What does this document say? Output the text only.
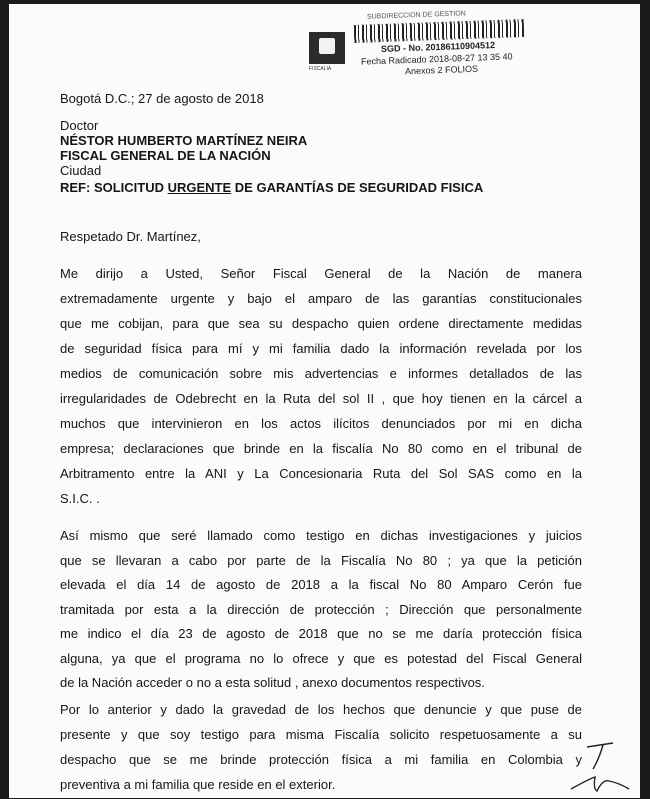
FISCALIA
SUBDIRECCION DE GESTION
SGD - No. 20186110904512
Fecha Radicado 2018-08-27 13 35 40
Anexos 2 FOLIOS
Bogotá D.C.; 27 de agosto de 2018
Doctor
NÉSTOR HUMBERTO MARTÍNEZ NEIRA
FISCAL GENERAL DE LA NACIÓN
Ciudad
REF: SOLICITUD URGENTE DE GARANTÍAS DE SEGURIDAD FISICA
Respetado Dr. Martínez,
Me dirijo a Usted, Señor Fiscal General de la Nación de manera
extremadamente urgente y bajo el amparo de las garantías constitucionales
que me cobijan, para que sea su despacho quien ordene directamente medidas
de seguridad física para mí y mi familia dado la información revelada por los
medios de comunicación sobre mis advertencias e informes detallados de las
irregularidades de Odebrecht en la Ruta del sol II , que hoy tienen en la cárcel a
muchos que intervinieron en los actos ilícitos denunciados por mi en dicha
empresa; declaraciones que brinde en la fiscalía No 80 como en el tribunal de
Arbitramento entre la ANI y La Concesionaria Ruta del Sol SAS como en la
S.I.C. .
Así mismo que seré llamado como testigo en dichas investigaciones y juicios
que se llevaran a cabo por parte de la Fiscalía No 80 ; ya que la petición
elevada el día 14 de agosto de 2018 a la fiscal No 80 Amparo Cerón fue
tramitada por esta a la dirección de protección ; Dirección que personalmente
me indico el día 23 de agosto de 2018 que no se me daría protección física
alguna, ya que el programa no lo ofrece y que es potestad del Fiscal General
de la Nación acceder o no a esta solitud , anexo documentos respectivos.
Por lo anterior y dado la gravedad de los hechos que denuncie y que puse de
presente y que soy testigo para misma Fiscalía solicito respetuosamente a su
despacho que se me brinde protección física a mi familia en Colombia y
preventiva a mi familia que reside en el exterior.
